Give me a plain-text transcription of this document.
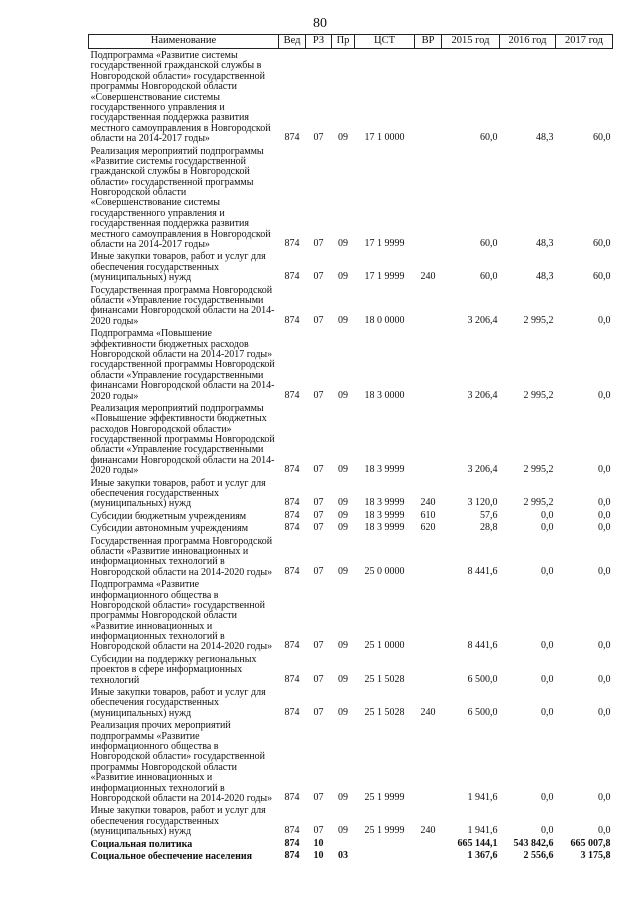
80
Наименование	Вед	РЗ	Пр	ЦСТ	ВР	2015 год	2016 год	2017 год
Подпрограмма «Развитие системы государственной гражданской службы в Новгородской области» государственной программы Новгородской области «Совершенствование системы государственного управления и государственная поддержка развития местного самоуправления в Новгородской области на 2014-2017 годы»	874	07	09	17 1 0000		60,0	48,3	60,0
Реализация мероприятий подпрограммы «Развитие системы государственной гражданской службы в Новгородской области» государственной программы Новгородской области «Совершенствование системы государственного управления и государственная поддержка развития местного самоуправления в Новгородской области на 2014-2017 годы»	874	07	09	17 1 9999		60,0	48,3	60,0
Иные закупки товаров, работ и услуг для обеспечения государственных (муниципальных) нужд	874	07	09	17 1 9999	240	60,0	48,3	60,0
Государственная программа Новгородской области «Управление государственными финансами Новгородской области на 2014-2020 годы»	874	07	09	18 0 0000		3 206,4	2 995,2	0,0
Подпрограмма «Повышение эффективности бюджетных расходов Новгородской области на 2014-2017 годы» государственной программы Новгородской области «Управление государственными финансами Новгородской области на 2014-2020 годы»	874	07	09	18 3 0000		3 206,4	2 995,2	0,0
Реализация мероприятий подпрограммы «Повышение эффективности бюджетных расходов Новгородской области» государственной программы Новгородской области «Управление государственными финансами Новгородской области на 2014-2020 годы»	874	07	09	18 3 9999		3 206,4	2 995,2	0,0
Иные закупки товаров, работ и услуг для обеспечения государственных (муниципальных) нужд	874	07	09	18 3 9999	240	3 120,0	2 995,2	0,0
Субсидии бюджетным учреждениям	874	07	09	18 3 9999	610	57,6	0,0	0,0
Субсидии автономным учреждениям	874	07	09	18 3 9999	620	28,8	0,0	0,0
Государственная программа Новгородской области «Развитие инновационных и информационных технологий в Новгородской области на 2014-2020 годы»	874	07	09	25 0 0000		8 441,6	0,0	0,0
Подпрограмма «Развитие информационного общества в Новгородской области» государственной программы Новгородской области «Развитие инновационных и информационных технологий в Новгородской области на 2014-2020 годы»	874	07	09	25 1 0000		8 441,6	0,0	0,0
Субсидии на поддержку региональных проектов в сфере информационных технологий	874	07	09	25 1 5028		6 500,0	0,0	0,0
Иные закупки товаров, работ и услуг для обеспечения государственных (муниципальных) нужд	874	07	09	25 1 5028	240	6 500,0	0,0	0,0
Реализация прочих мероприятий подпрограммы «Развитие информационного общества в Новгородской области» государственной программы Новгородской области «Развитие инновационных и информационных технологий в Новгородской области на 2014-2020 годы»	874	07	09	25 1 9999		1 941,6	0,0	0,0
Иные закупки товаров, работ и услуг для обеспечения государственных (муниципальных) нужд	874	07	09	25 1 9999	240	1 941,6	0,0	0,0
Социальная политика	874	10				665 144,1	543 842,6	665 007,8
Социальное обеспечение населения	874	10	03			1 367,6	2 556,6	3 175,8
